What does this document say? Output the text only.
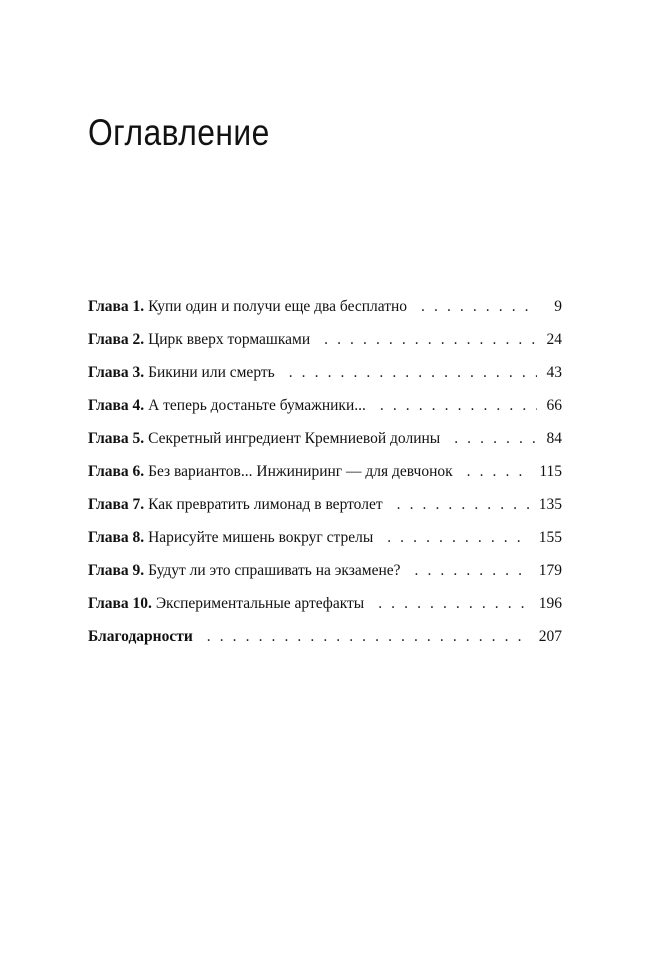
Оглавление
Глава 1. Купи один и получи еще два бесплатно . . .	9
Глава 2. Цирк вверх тормашками . . .	24
Глава 3. Бикини или смерть . . .	43
Глава 4. А теперь достаньте бумажники... . . .	66
Глава 5. Секретный ингредиент Кремниевой долины . . .	84
Глава 6. Без вариантов... Инжиниринг — для девчонок . . .	115
Глава 7. Как превратить лимонад в вертолет . . .	135
Глава 8. Нарисуйте мишень вокруг стрелы . . .	155
Глава 9. Будут ли это спрашивать на экзамене? . . .	179
Глава 10. Экспериментальные артефакты . . .	196
Благодарности . . .	207
